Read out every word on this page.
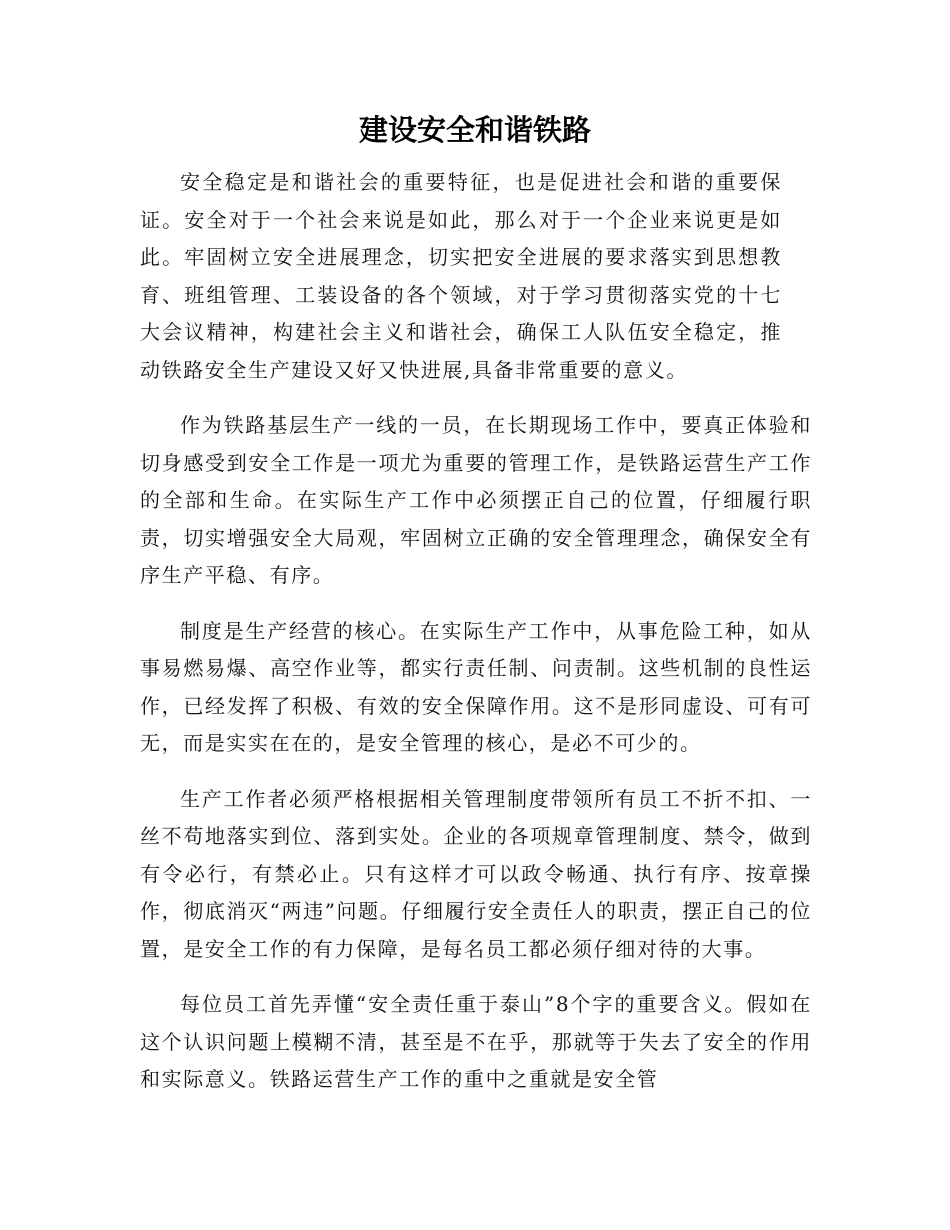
建设安全和谐铁路

安全稳定是和谐社会的重要特征，也是促进社会和谐的重要保证。安全对于一个社会来说是如此，那么对于一个企业来说更是如此。牢固树立安全进展理念，切实把安全进展的要求落实到思想教育、班组管理、工装设备的各个领域，对于学习贯彻落实党的十七大会议精神，构建社会主义和谐社会，确保工人队伍安全稳定，推动铁路安全生产建设又好又快进展,具备非常重要的意义。

作为铁路基层生产一线的一员，在长期现场工作中，要真正体验和切身感受到安全工作是一项尤为重要的管理工作，是铁路运营生产工作的全部和生命。在实际生产工作中必须摆正自己的位置，仔细履行职责，切实增强安全大局观，牢固树立正确的安全管理理念，确保安全有序生产平稳、有序。

制度是生产经营的核心。在实际生产工作中，从事危险工种，如从事易燃易爆、高空作业等，都实行责任制、问责制。这些机制的良性运作，已经发挥了积极、有效的安全保障作用。这不是形同虚设、可有可无，而是实实在在的，是安全管理的核心，是必不可少的。

生产工作者必须严格根据相关管理制度带领所有员工不折不扣、一丝不苟地落实到位、落到实处。企业的各项规章管理制度、禁令，做到有令必行，有禁必止。只有这样才可以政令畅通、执行有序、按章操作，彻底消灭“两违”问题。仔细履行安全责任人的职责，摆正自己的位置，是安全工作的有力保障，是每名员工都必须仔细对待的大事。

每位员工首先弄懂“安全责任重于泰山”8个字的重要含义。假如在这个认识问题上模糊不清，甚至是不在乎，那就等于失去了安全的作用和实际意义。铁路运营生产工作的重中之重就是安全管
